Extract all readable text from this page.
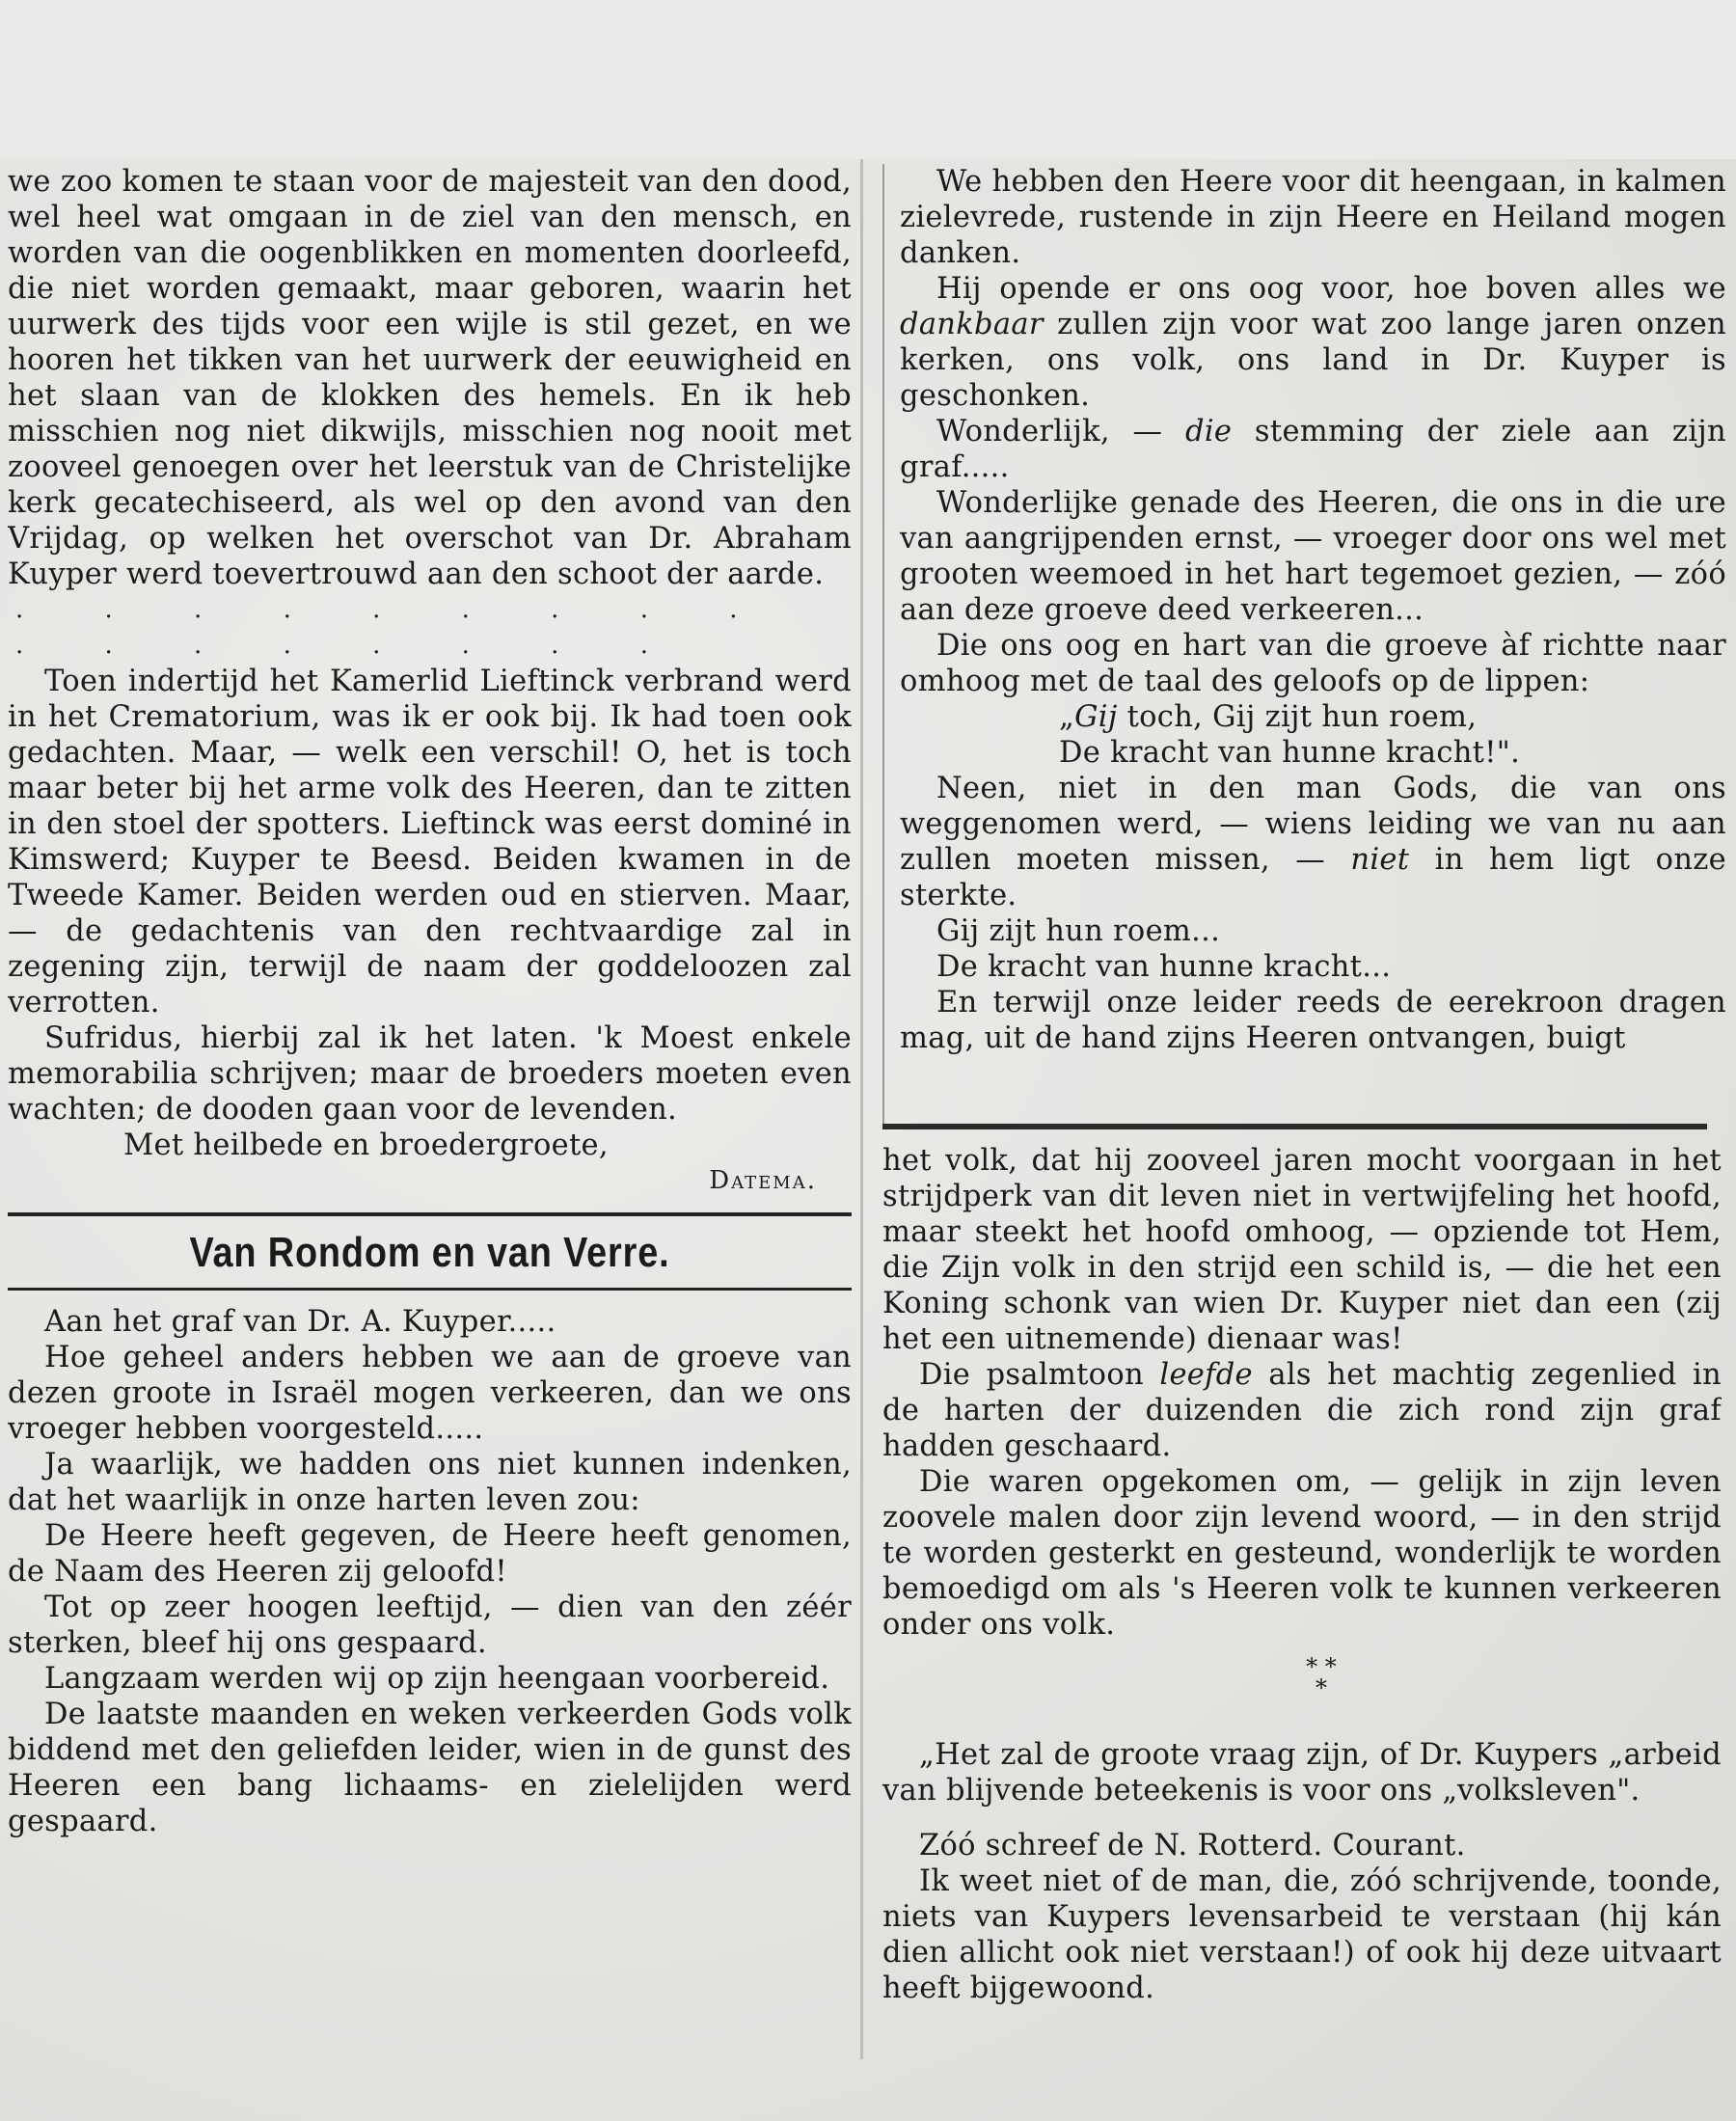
we zoo komen te staan voor de majesteit van den dood, wel heel wat omgaan in de ziel van den mensch, en worden van die oogenblikken en momenten doorleefd, die niet worden gemaakt, maar geboren, waarin het uurwerk des tijds voor een wijle is stil gezet, en we hooren het tikken van het uurwerk der eeuwigheid en het slaan van de klokken des hemels. En ik heb misschien nog niet dikwijls, misschien nog nooit met zooveel genoegen over het leerstuk van de Christelijke kerk gecatechiseerd, als wel op den avond van den Vrijdag, op welken het overschot van Dr. Abraham Kuyper werd toevertrouwd aan den schoot der aarde.

. . . . . . . . . . . . . . . . .

Toen indertijd het Kamerlid Lieftinck verbrand werd in het Crematorium, was ik er ook bij. Ik had toen ook gedachten. Maar, — welk een verschil! O, het is toch maar beter bij het arme volk des Heeren, dan te zitten in den stoel der spotters. Lieftinck was eerst dominé in Kimswerd; Kuyper te Beesd. Beiden kwamen in de Tweede Kamer. Beiden werden oud en stierven. Maar, — de gedachtenis van den rechtvaardige zal in zegening zijn, terwijl de naam der goddeloozen zal verrotten.

Sufridus, hierbij zal ik het laten. 'k Moest enkele memorabilia schrijven; maar de broeders moeten even wachten; de dooden gaan voor de levenden.

Met heilbede en broedergroete,

Datema.

Van Rondom en van Verre.

Aan het graf van Dr. A. Kuyper.....

Hoe geheel anders hebben we aan de groeve van dezen groote in Israël mogen verkeeren, dan we ons vroeger hebben voorgesteld.....

Ja waarlijk, we hadden ons niet kunnen indenken, dat het waarlijk in onze harten leven zou:

De Heere heeft gegeven, de Heere heeft genomen, de Naam des Heeren zij geloofd!

Tot op zeer hoogen leeftijd, — dien van den zéér sterken, bleef hij ons gespaard.

Langzaam werden wij op zijn heengaan voorbereid.

De laatste maanden en weken verkeerden Gods volk biddend met den geliefden leider, wien in de gunst des Heeren een bang lichaams- en zielelijden werd gespaard.

We hebben den Heere voor dit heengaan, in kalmen zielevrede, rustende in zijn Heere en Heiland mogen danken.

Hij opende er ons oog voor, hoe boven alles we dankbaar zullen zijn voor wat zoo lange jaren onzen kerken, ons volk, ons land in Dr. Kuyper is geschonken.

Wonderlijk, — die stemming der ziele aan zijn graf.....

Wonderlijke genade des Heeren, die ons in die ure van aangrijpenden ernst, — vroeger door ons wel met grooten weemoed in het hart tegemoet gezien, — zóó aan deze groeve deed verkeeren...

Die ons oog en hart van die groeve àf richtte naar omhoog met de taal des geloofs op de lippen:

„Gij toch, Gij zijt hun roem,

De kracht van hunne kracht!".

Neen, niet in den man Gods, die van ons weggenomen werd, — wiens leiding we van nu aan zullen moeten missen, — niet in hem ligt onze sterkte.

Gij zijt hun roem...

De kracht van hunne kracht...

En terwijl onze leider reeds de eerekroon dragen mag, uit de hand zijns Heeren ontvangen, buigt

het volk, dat hij zooveel jaren mocht voorgaan in het strijdperk van dit leven niet in vertwijfeling het hoofd, maar steekt het hoofd omhoog, — opziende tot Hem, die Zijn volk in den strijd een schild is, — die het een Koning schonk van wien Dr. Kuyper niet dan een (zij het een uitnemende) dienaar was!

Die psalmtoon leefde als het machtig zegenlied in de harten der duizenden die zich rond zijn graf hadden geschaard.

Die waren opgekomen om, — gelijk in zijn leven zoovele malen door zijn levend woord, — in den strijd te worden gesterkt en gesteund, wonderlijk te worden bemoedigd om als 's Heeren volk te kunnen verkeeren onder ons volk.

* *
*

„Het zal de groote vraag zijn, of Dr. Kuypers „arbeid van blijvende beteekenis is voor ons „volksleven".

Zóó schreef de N. Rotterd. Courant.

Ik weet niet of de man, die, zóó schrijvende, toonde, niets van Kuypers levensarbeid te verstaan (hij kán dien allicht ook niet verstaan!) of ook hij deze uitvaart heeft bijgewoond.
